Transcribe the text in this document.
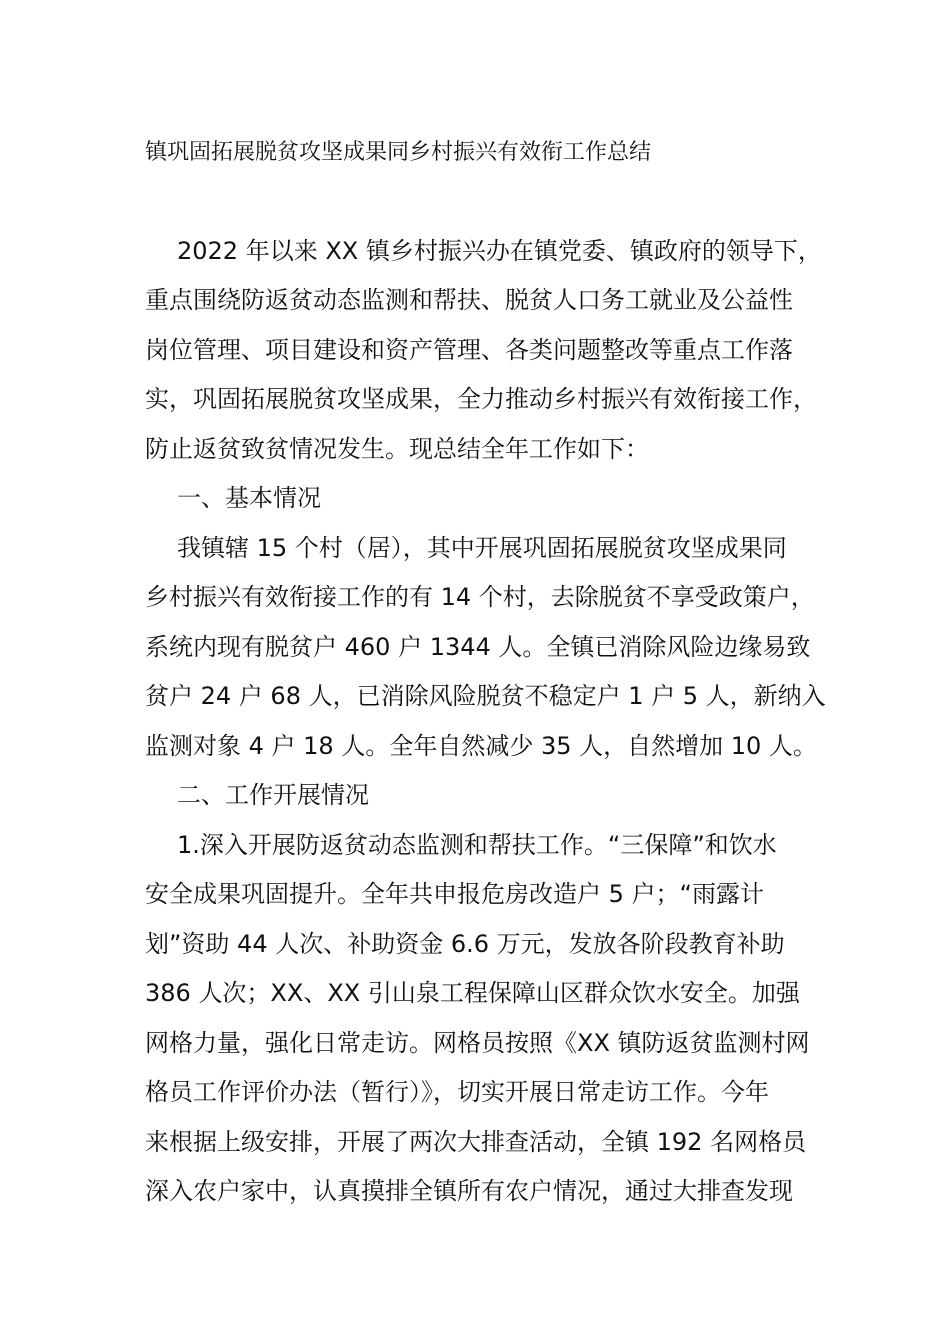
镇巩固拓展脱贫攻坚成果同乡村振兴有效衔工作总结

2022 年以来 XX 镇乡村振兴办在镇党委、镇政府的领导下，

重点围绕防返贫动态监测和帮扶、脱贫人口务工就业及公益性

岗位管理、项目建设和资产管理、各类问题整改等重点工作落

实，巩固拓展脱贫攻坚成果，全力推动乡村振兴有效衔接工作，

防止返贫致贫情况发生。现总结全年工作如下：

一、基本情况

我镇辖 15 个村（居），其中开展巩固拓展脱贫攻坚成果同

乡村振兴有效衔接工作的有 14 个村，去除脱贫不享受政策户，

系统内现有脱贫户 460 户 1344 人。全镇已消除风险边缘易致

贫户 24 户 68 人，已消除风险脱贫不稳定户 1 户 5 人，新纳入

监测对象 4 户 18 人。全年自然减少 35 人，自然增加 10 人。

二、工作开展情况

1.深入开展防返贫动态监测和帮扶工作。“三保障”和饮水

安全成果巩固提升。全年共申报危房改造户 5 户；“雨露计

划”资助 44 人次、补助资金 6.6 万元，发放各阶段教育补助

386 人次；XX、XX 引山泉工程保障山区群众饮水安全。加强

网格力量，强化日常走访。网格员按照《XX 镇防返贫监测村网

格员工作评价办法（暂行）》，切实开展日常走访工作。今年

来根据上级安排，开展了两次大排查活动，全镇 192 名网格员

深入农户家中，认真摸排全镇所有农户情况，通过大排查发现
